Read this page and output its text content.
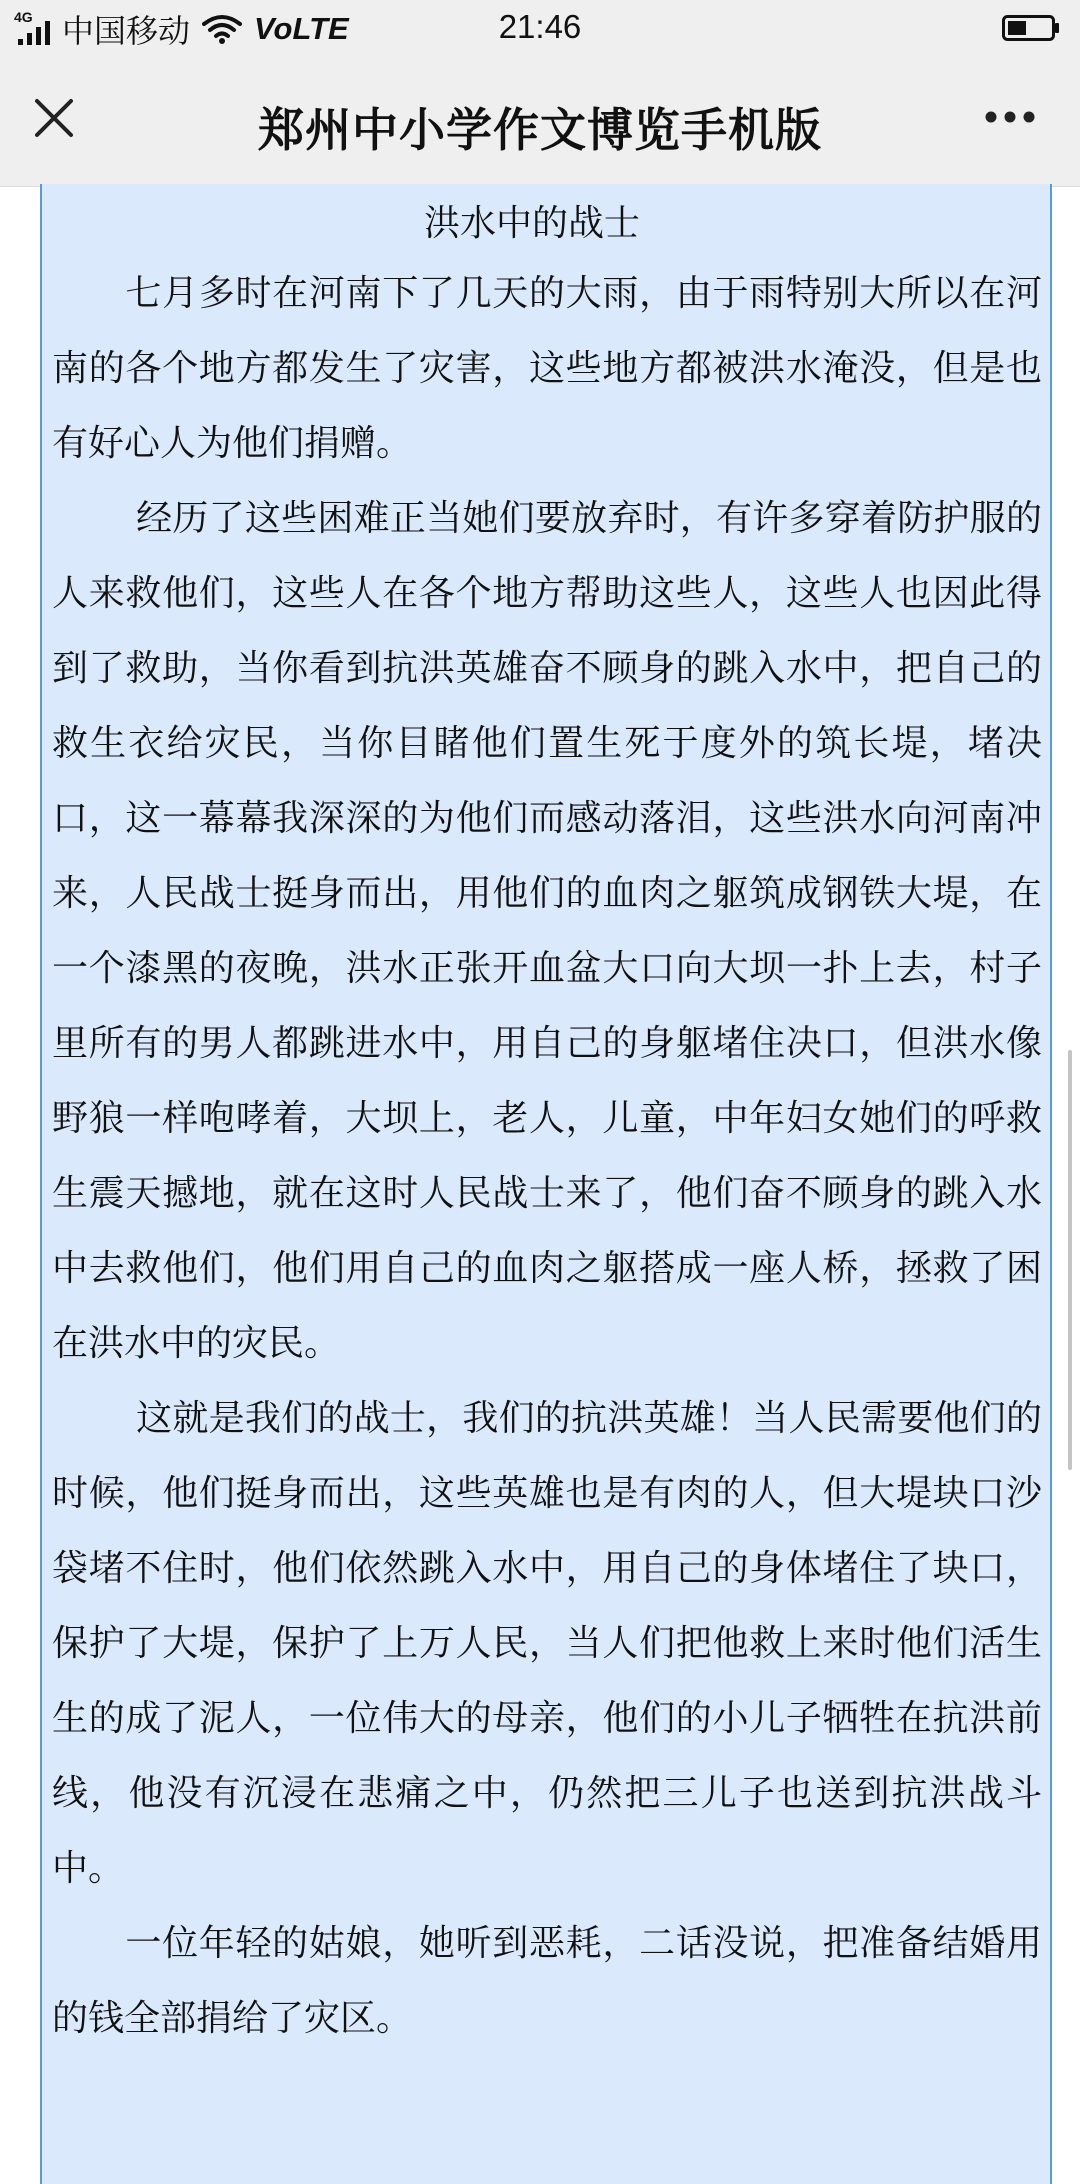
4G 中国移动 VoLTE	21:46
郑州中小学作文博览手机版
洪水中的战士

　　七月多时在河南下了几天的大雨，由于雨特别大所以在河南的各个地方都发生了灾害，这些地方都被洪水淹没，但是也有好心人为他们捐赠。

　　 经历了这些困难正当她们要放弃时，有许多穿着防护服的人来救他们，这些人在各个地方帮助这些人，这些人也因此得到了救助，当你看到抗洪英雄奋不顾身的跳入水中，把自己的救生衣给灾民，当你目睹他们置生死于度外的筑长堤，堵决口，这一幕幕我深深的为他们而感动落泪，这些洪水向河南冲来，人民战士挺身而出，用他们的血肉之躯筑成钢铁大堤，在一个漆黑的夜晚，洪水正张开血盆大口向大坝一扑上去，村子里所有的男人都跳进水中，用自己的身躯堵住决口，但洪水像野狼一样咆哮着，大坝上，老人，儿童，中年妇女她们的呼救生震天撼地，就在这时人民战士来了，他们奋不顾身的跳入水中去救他们，他们用自己的血肉之躯搭成一座人桥，拯救了困在洪水中的灾民。

　　 这就是我们的战士，我们的抗洪英雄！当人民需要他们的时候，他们挺身而出，这些英雄也是有肉的人，但大堤块口沙袋堵不住时，他们依然跳入水中，用自己的身体堵住了块口，保护了大堤，保护了上万人民，当人们把他救上来时他们活生生的成了泥人，一位伟大的母亲，他们的小儿子牺牲在抗洪前线，他没有沉浸在悲痛之中，仍然把三儿子也送到抗洪战斗中。

　　一位年轻的姑娘，她听到恶耗，二话没说，把准备结婚用的钱全部捐给了灾区。
